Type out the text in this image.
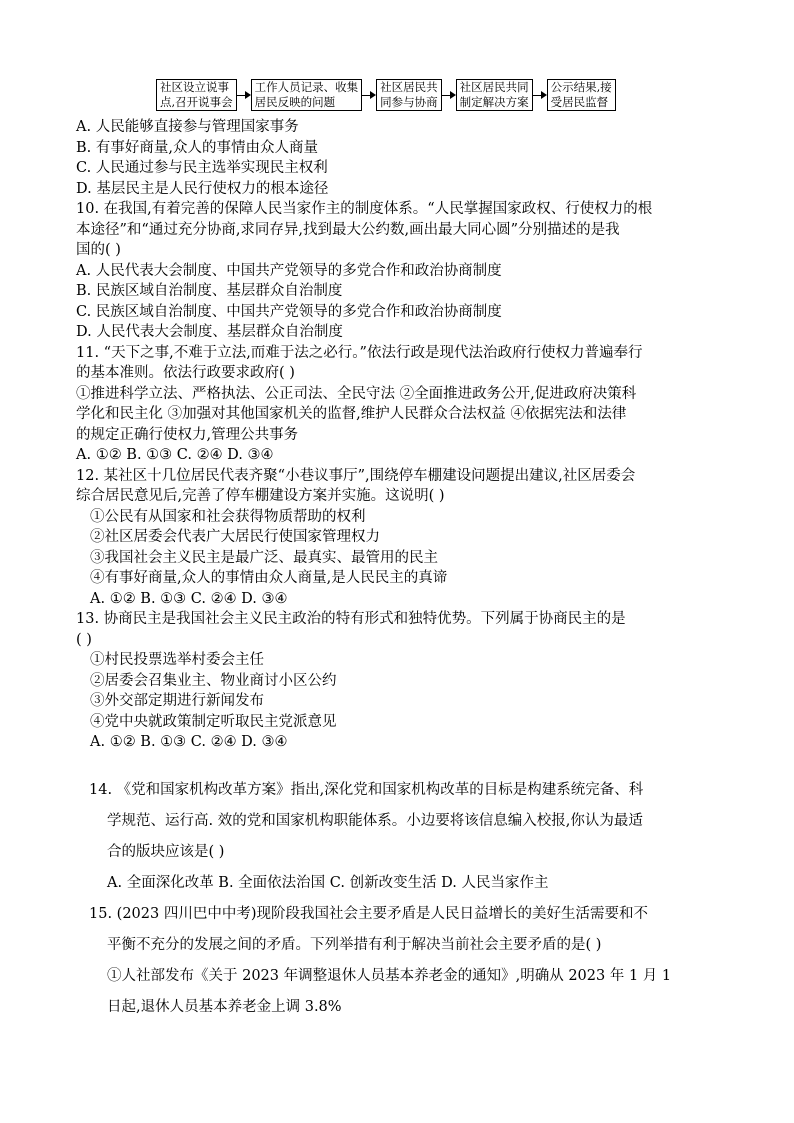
社区设立说事
点,召开说事会
工作人员记录、收集
居民反映的问题
社区居民共
同参与协商
社区居民共同
制定解决方案
公示结果,接
受居民监督
A. 人民能够直接参与管理国家事务
B. 有事好商量,众人的事情由众人商量
C. 人民通过参与民主选举实现民主权利
D. 基层民主是人民行使权力的根本途径
10. 在我国,有着完善的保障人民当家作主的制度体系。“人民掌握国家政权、行使权力的根
本途径”和“通过充分协商,求同存异,找到最大公约数,画出最大同心圆”分别描述的是我
国的( )
A. 人民代表大会制度、中国共产党领导的多党合作和政治协商制度
B. 民族区域自治制度、基层群众自治制度
C. 民族区域自治制度、中国共产党领导的多党合作和政治协商制度
D. 人民代表大会制度、基层群众自治制度
11. “天下之事,不难于立法,而难于法之必行。”依法行政是现代法治政府行使权力普遍奉行
的基本准则。依法行政要求政府( )
①推进科学立法、严格执法、公正司法、全民守法 ②全面推进政务公开,促进政府决策科
学化和民主化 ③加强对其他国家机关的监督,维护人民群众合法权益 ④依据宪法和法律
的规定正确行使权力,管理公共事务
A. ①② B. ①③ C. ②④ D. ③④
12. 某社区十几位居民代表齐聚“小巷议事厅”,围绕停车棚建设问题提出建议,社区居委会
综合居民意见后,完善了停车棚建设方案并实施。这说明( )
①公民有从国家和社会获得物质帮助的权利
②社区居委会代表广大居民行使国家管理权力
③我国社会主义民主是最广泛、最真实、最管用的民主
④有事好商量,众人的事情由众人商量,是人民民主的真谛
A. ①② B. ①③ C. ②④ D. ③④
13. 协商民主是我国社会主义民主政治的特有形式和独特优势。下列属于协商民主的是
( )
①村民投票选举村委会主任
②居委会召集业主、物业商讨小区公约
③外交部定期进行新闻发布
④党中央就政策制定听取民主党派意见
A. ①② B. ①③ C. ②④ D. ③④
14. 《党和国家机构改革方案》指出,深化党和国家机构改革的目标是构建系统完备、科
学规范、运行高. 效的党和国家机构职能体系。小边要将该信息编入校报,你认为最适
合的版块应该是( )
A. 全面深化改革 B. 全面依法治国 C. 创新改变生活 D. 人民当家作主
15. (2023 四川巴中中考)现阶段我国社会主要矛盾是人民日益增长的美好生活需要和不
平衡不充分的发展之间的矛盾。下列举措有利于解决当前社会主要矛盾的是( )
①人社部发布《关于 2023 年调整退休人员基本养老金的通知》,明确从 2023 年 1 月 1
日起,退休人员基本养老金上调 3.8%
